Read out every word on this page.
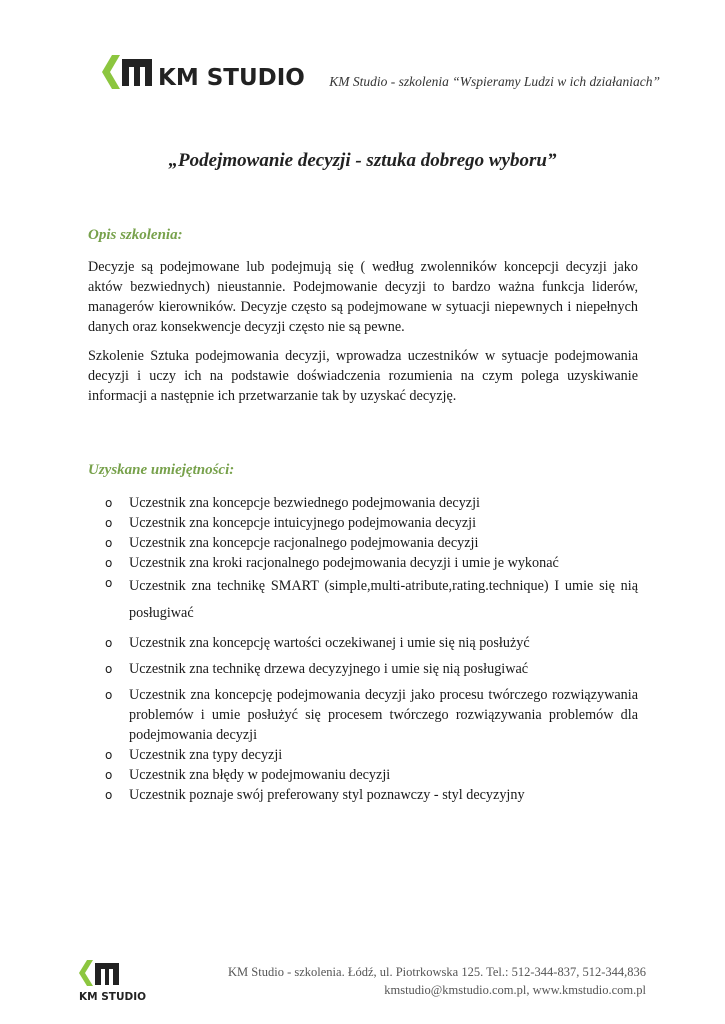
KM STUDIO KM Studio - szkolenia “Wspieramy Ludzi w ich działaniach”
„Podejmowanie decyzji - sztuka dobrego wyboru”
Opis szkolenia:

Decyzje są podejmowane lub podejmują się ( według zwolenników koncepcji decyzji jako aktów bezwiednych) nieustannie. Podejmowanie decyzji to bardzo ważna funkcja liderów, managerów kierowników. Decyzje często są podejmowane w sytuacji niepewnych i niepełnych danych oraz konsekwencje decyzji często nie są pewne.

Szkolenie Sztuka podejmowania decyzji, wprowadza uczestników w sytuacje podejmowania decyzji i uczy ich na podstawie doświadczenia rozumienia na czym polega uzyskiwanie informacji a następnie ich przetwarzanie tak by uzyskać decyzję.

Uzyskane umiejętności:
o Uczestnik zna koncepcje bezwiednego podejmowania decyzji
o Uczestnik zna koncepcje intuicyjnego podejmowania decyzji
o Uczestnik zna koncepcje racjonalnego podejmowania decyzji
o Uczestnik zna kroki racjonalnego podejmowania decyzji i umie je wykonać
o Uczestnik zna technikę SMART (simple,multi-atribute,rating.technique) I umie się nią posługiwać
o Uczestnik zna koncepcję wartości oczekiwanej i umie się nią posłużyć
o Uczestnik zna technikę drzewa decyzyjnego i umie się nią posługiwać
o Uczestnik zna koncepcję podejmowania decyzji jako procesu twórczego rozwiązywania problemów i umie posłużyć się procesem twórczego rozwiązywania problemów dla podejmowania decyzji
o Uczestnik zna typy decyzji
o Uczestnik zna błędy w podejmowaniu decyzji
o Uczestnik poznaje swój preferowany styl poznawczy - styl decyzyjny
KM STUDIO
KM Studio - szkolenia. Łódź, ul. Piotrkowska 125. Tel.: 512-344-837, 512-344,836
kmstudio@kmstudio.com.pl, www.kmstudio.com.pl
